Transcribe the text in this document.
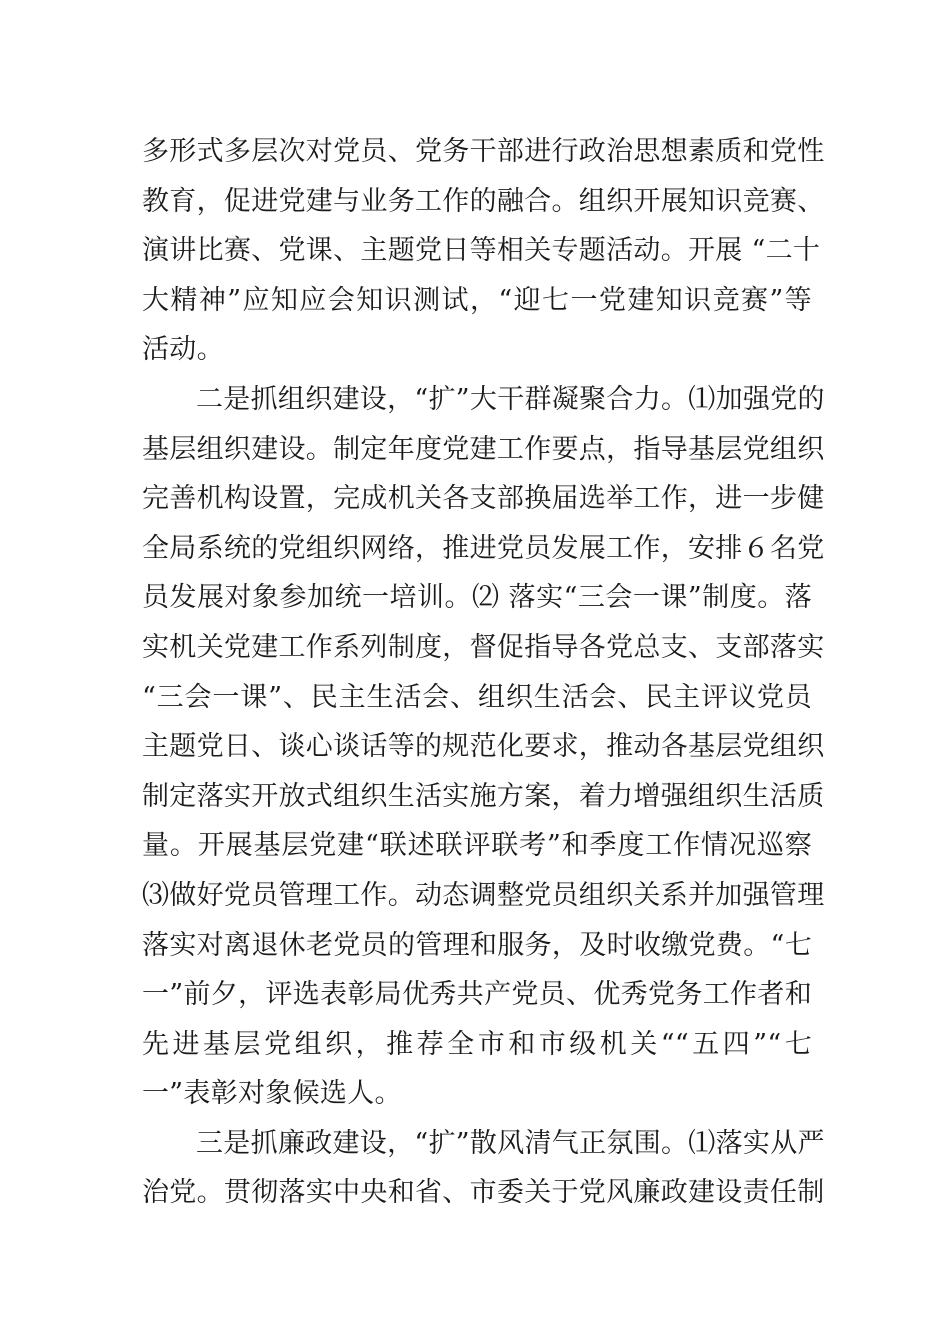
多形式多层次对党员、党务干部进行政治思想素质和党性
教育，促进党建与业务工作的融合。组织开展知识竞赛、
演讲比赛、党课、主题党日等相关专题活动。开展 “二十
大精神”应知应会知识测试，“迎七一党建知识竞赛”等
活动。
二是抓组织建设，“扩”大干群凝聚合力。⑴加强党的
基层组织建设。制定年度党建工作要点，指导基层党组织
完善机构设置，完成机关各支部换届选举工作，进一步健
全局系统的党组织网络，推进党员发展工作，安排６名党
员发展对象参加统一培训。⑵ 落实“三会一课”制度。落
实机关党建工作系列制度，督促指导各党总支、支部落实
“三会一课”、民主生活会、组织生活会、民主评议党员
主题党日、谈心谈话等的规范化要求，推动各基层党组织
制定落实开放式组织生活实施方案，着力增强组织生活质
量。开展基层党建“联述联评联考”和季度工作情况巡察
⑶做好党员管理工作。动态调整党员组织关系并加强管理
落实对离退休老党员的管理和服务，及时收缴党费。“七
一”前夕，评选表彰局优秀共产党员、优秀党务工作者和
先进基层党组织，推荐全市和市级机关““五四”“七
一”表彰对象候选人。
三是抓廉政建设，“扩”散风清气正氛围。⑴落实从严
治党。贯彻落实中央和省、市委关于党风廉政建设责任制
